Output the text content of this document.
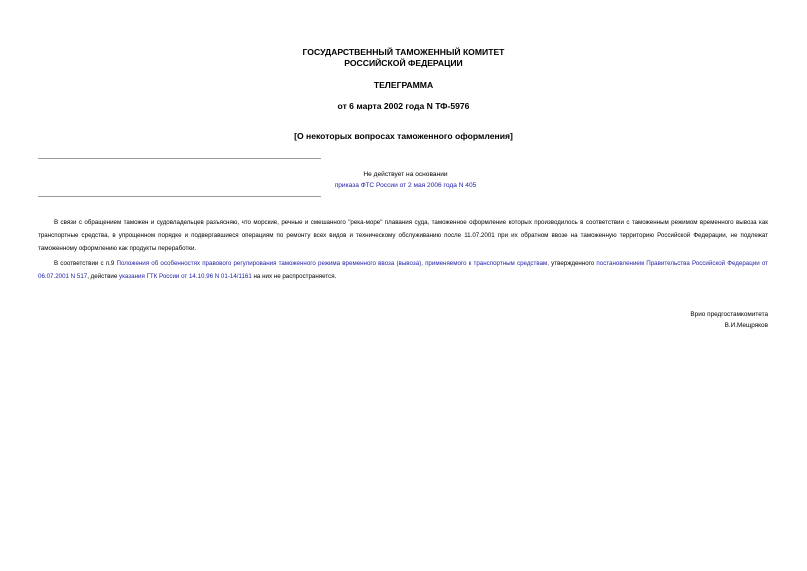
ГОСУДАРСТВЕННЫЙ ТАМОЖЕННЫЙ КОМИТЕТ
РОССИЙСКОЙ ФЕДЕРАЦИИ
ТЕЛЕГРАММА
от 6 марта 2002 года N ТФ-5976
[О некоторых вопросах таможенного оформления]
Не действует на основании
приказа ФТС России от 2 мая 2006 года N 405
В связи с обращением таможен и судовладельцев разъясняю, что морские, речные и смешанного "река-море" плавания суда, таможенное оформление которых производилось в соответствии с таможенным режимом временного вывоза как транспортные средства, в упрощенном порядке и подвергавшиеся операциям по ремонту всех видов и техническому обслуживанию после 11.07.2001 при их обратном ввозе на таможенную территорию Российской Федерации, не подлежат таможенному оформлению как продукты переработки.
В соответствии с п.9 Положения об особенностях правового регулирования таможенного режима временного ввоза (вывоза), применяемого к транспортным средствам, утвержденного постановлением Правительства Российской Федерации от 06.07.2001 N 517, действие указания ГТК России от 14.10.96 N 01-14/1161 на них не распространяется.
Врио предгостамкомитета
В.И.Мещряков
